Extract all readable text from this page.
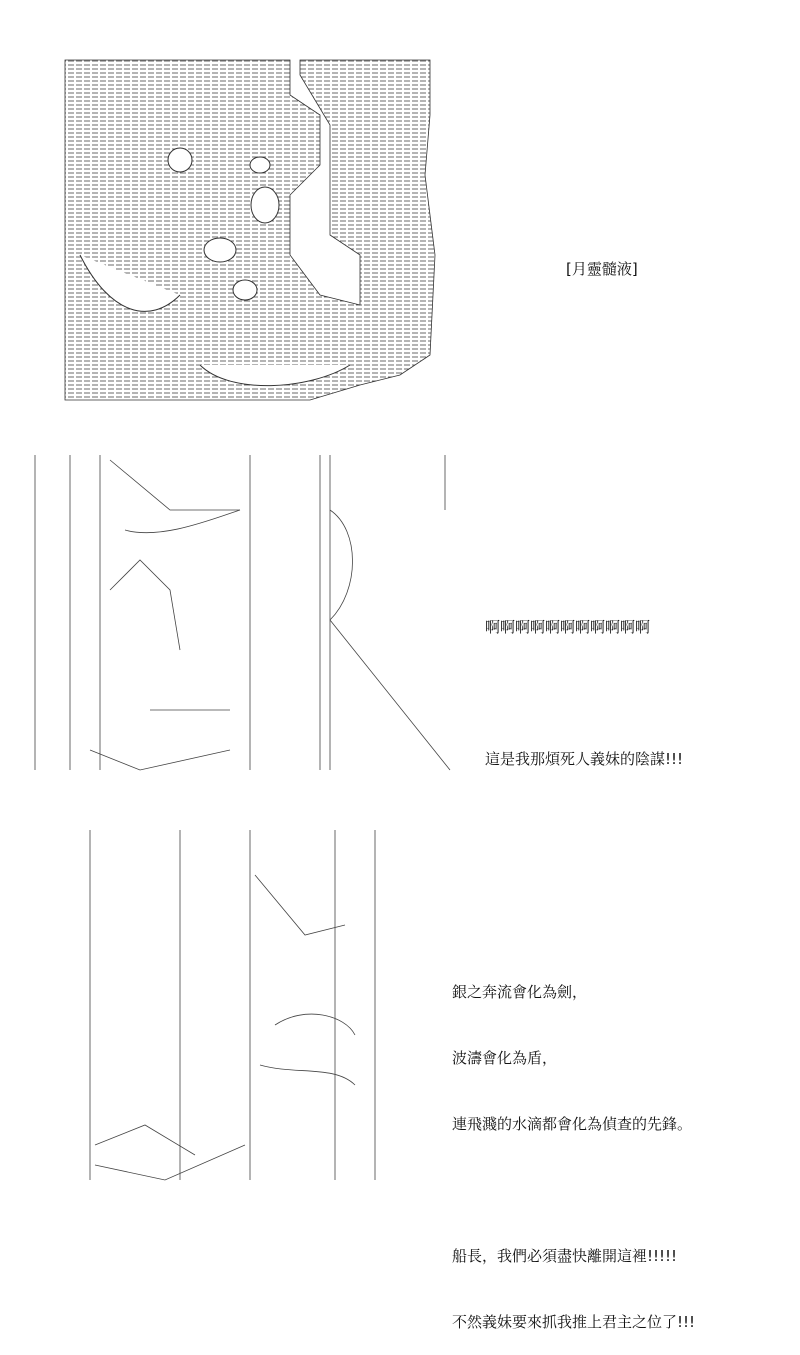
[月靈髓液]

啊啊啊啊啊啊啊啊啊啊啊

這是我那煩死人義妹的陰謀!!!

銀之奔流會化為劍，

波濤會化為盾，

連飛濺的水滴都會化為偵查的先鋒。

船長，我們必須盡快離開這裡!!!!!

不然義妹要來抓我推上君主之位了!!!
